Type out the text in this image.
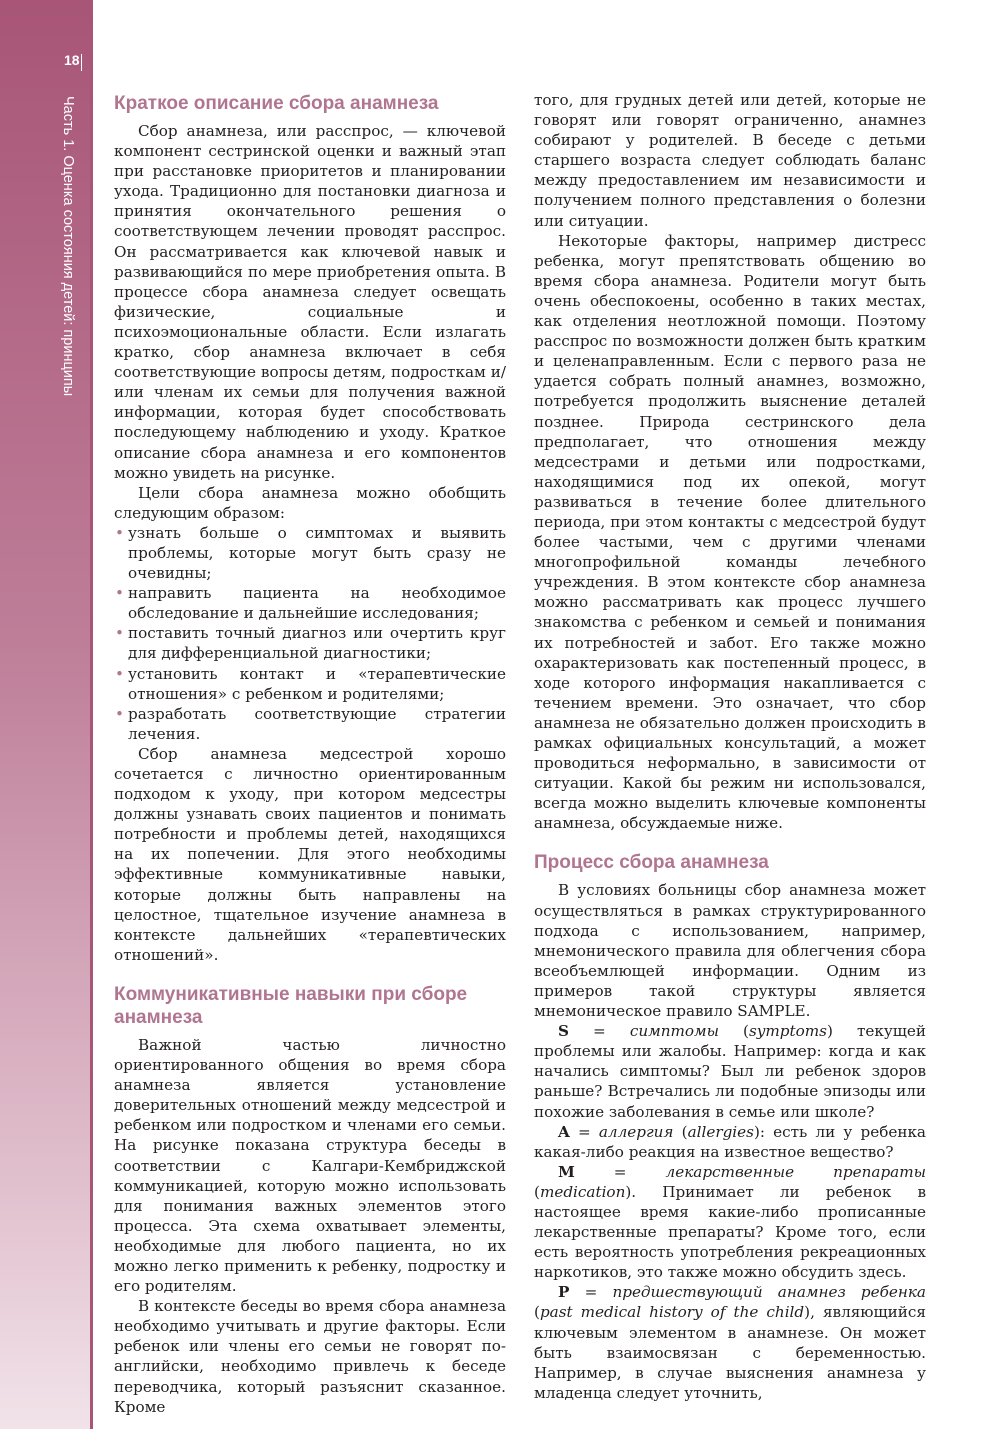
18
Часть 1. Оценка состояния детей: принципы Краткое описание сбора анамнеза

Сбор анамнеза, или расспрос, — ключевой компонент сестринской оценки и важный этап при расстановке приоритетов и планировании ухода. Традиционно для постановки диагноза и принятия окончательного решения о соответствующем лечении проводят расспрос. Он рассматривается как ключевой навык и развивающийся по мере приобретения опыта. В процессе сбора анамнеза следует освещать физические, социальные и психоэмоциональные области. Если излагать кратко, сбор анамнеза включает в себя соответствующие вопросы детям, подросткам и/или членам их семьи для получения важной информации, которая будет способствовать последующему наблюдению и уходу. Краткое описание сбора анамнеза и его компонентов можно увидеть на рисунке.

Цели сбора анамнеза можно обобщить следующим образом:

• узнать больше о симптомах и выявить проблемы, которые могут быть сразу не очевидны;
• направить пациента на необходимое обследование и дальнейшие исследования;
• поставить точный диагноз или очертить круг для дифференциальной диагностики;
• установить контакт и «терапевтические отношения» с ребенком и родителями;
• разработать соответствующие стратегии лечения.

Сбор анамнеза медсестрой хорошо сочетается с личностно ориентированным подходом к уходу, при котором медсестры должны узнавать своих пациентов и понимать потребности и проблемы детей, находящихся на их попечении. Для этого необходимы эффективные коммуникативные навыки, которые должны быть направлены на целостное, тщательное изучение анамнеза в контексте дальнейших «терапевтических отношений».

Коммуникативные навыки при сборе анамнеза

Важной частью личностно ориентированного общения во время сбора анамнеза является установление доверительных отношений между медсестрой и ребенком или подростком и членами его семьи. На рисунке показана структура беседы в соответствии с Калгари-Кембриджской коммуникацией, которую можно использовать для понимания важных элементов этого процесса. Эта схема охватывает элементы, необходимые для любого пациента, но их можно легко применить к ребенку, подростку и его родителям.

В контексте беседы во время сбора анамнеза необходимо учитывать и другие факторы. Если ребенок или члены его семьи не говорят по-английски, необходимо привлечь к беседе переводчика, который разъяснит сказанное. Кроме

того, для грудных детей или детей, которые не говорят или говорят ограниченно, анамнез собирают у родителей. В беседе с детьми старшего возраста следует соблюдать баланс между предоставлением им независимости и получением полного представления о болезни или ситуации.

Некоторые факторы, например дистресс ребенка, могут препятствовать общению во время сбора анамнеза. Родители могут быть очень обеспокоены, особенно в таких местах, как отделения неотложной помощи. Поэтому расспрос по возможности должен быть кратким и целенаправленным. Если с первого раза не удается собрать полный анамнез, возможно, потребуется продолжить выяснение деталей позднее. Природа сестринского дела предполагает, что отношения между медсестрами и детьми или подростками, находящимися под их опекой, могут развиваться в течение более длительного периода, при этом контакты с медсестрой будут более частыми, чем с другими членами многопрофильной команды лечебного учреждения. В этом контексте сбор анамнеза можно рассматривать как процесс лучшего знакомства с ребенком и семьей и понимания их потребностей и забот. Его также можно охарактеризовать как постепенный процесс, в ходе которого информация накапливается с течением времени. Это означает, что сбор анамнеза не обязательно должен происходить в рамках официальных консультаций, а может проводиться неформально, в зависимости от ситуации. Какой бы режим ни использовался, всегда можно выделить ключевые компоненты анамнеза, обсуждаемые ниже.

Процесс сбора анамнеза

В условиях больницы сбор анамнеза может осуществляться в рамках структурированного подхода с использованием, например, мнемонического правила для облегчения сбора всеобъемлющей информации. Одним из примеров такой структуры является мнемоническое правило SAMPLE.

S = симптомы (symptoms) текущей проблемы или жалобы. Например: когда и как начались симптомы? Был ли ребенок здоров раньше? Встречались ли подобные эпизоды или похожие заболевания в семье или школе?

A = аллергия (allergies): есть ли у ребенка какая-либо реакция на известное вещество?

M = лекарственные препараты (medication). Принимает ли ребенок в настоящее время какие-либо прописанные лекарственные препараты? Кроме того, если есть вероятность употребления рекреационных наркотиков, это также можно обсудить здесь.

P = предшествующий анамнез ребенка (past medical history of the child), являющийся ключевым элементом в анамнезе. Он может быть взаимосвязан с беременностью. Например, в случае выяснения анамнеза у младенца следует уточнить,
